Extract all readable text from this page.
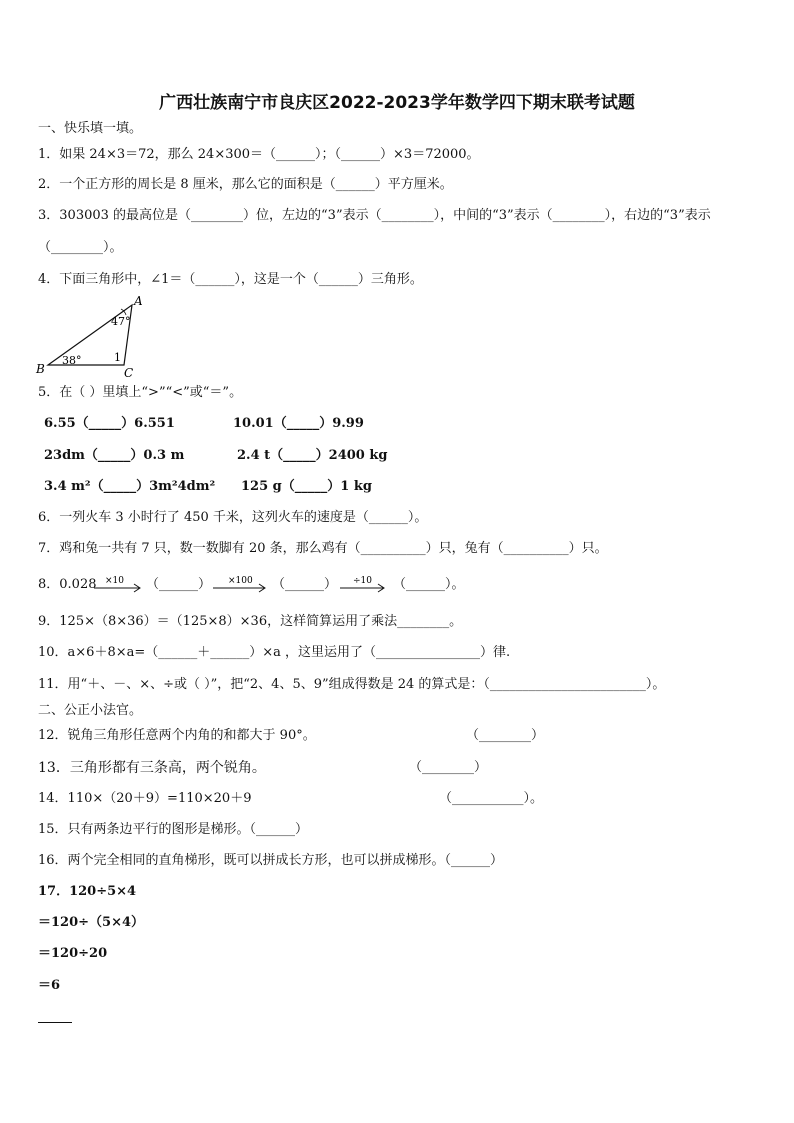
广西壮族南宁市良庆区2022-2023学年数学四下期末联考试题
一、快乐填一填。
1．如果 24×3＝72，那么 24×300＝（______）；（______）×3＝72000。
2．一个正方形的周长是 8 厘米，那么它的面积是（______）平方厘米。
3．303003 的最高位是（________）位，左边的“3”表示（________），中间的“3”表示（________），右边的“3”表示
（________）。
4．下面三角形中，∠1＝（______），这是一个（______）三角形。
A
B	C
47°
38°	1
5．在（ ）里填上“>”“<”或“＝”。
6.55（_____）6.551	10.01（_____）9.99
23dm（_____）0.3 m	2.4 t（_____）2400 kg
3.4 m²（_____）3m²4dm² 125 g（_____）1 kg
6．一列火车 3 小时行了 450 千米，这列火车的速度是（______）。
7．鸡和兔一共有 7 只，数一数脚有 20 条，那么鸡有（__________）只，兔有（__________）只。
8．0.028 ×10 （______） ×100 （______） ÷10 （______）。
9．125×（8×36）＝（125×8）×36，这样简算运用了乘法________。
10．a×6＋8×a=（______＋______）×a ，这里运用了（________________）律.
11．用“＋、－、×、÷或（ ）”，把“2、4、5、9”组成得数是 24 的算式是：（________________________）。
二、公正小法官。
12．锐角三角形任意两个内角的和都大于 90°。	（________）
13．三角形都有三条高，两个锐角。	（________）
14．110×（20＋9）=110×20＋9	（___________）。
15．只有两条边平行的图形是梯形。（______）
16．两个完全相同的直角梯形，既可以拼成长方形，也可以拼成梯形。（______）
17．120÷5×4
＝120÷（5×4）
＝120÷20
＝6
